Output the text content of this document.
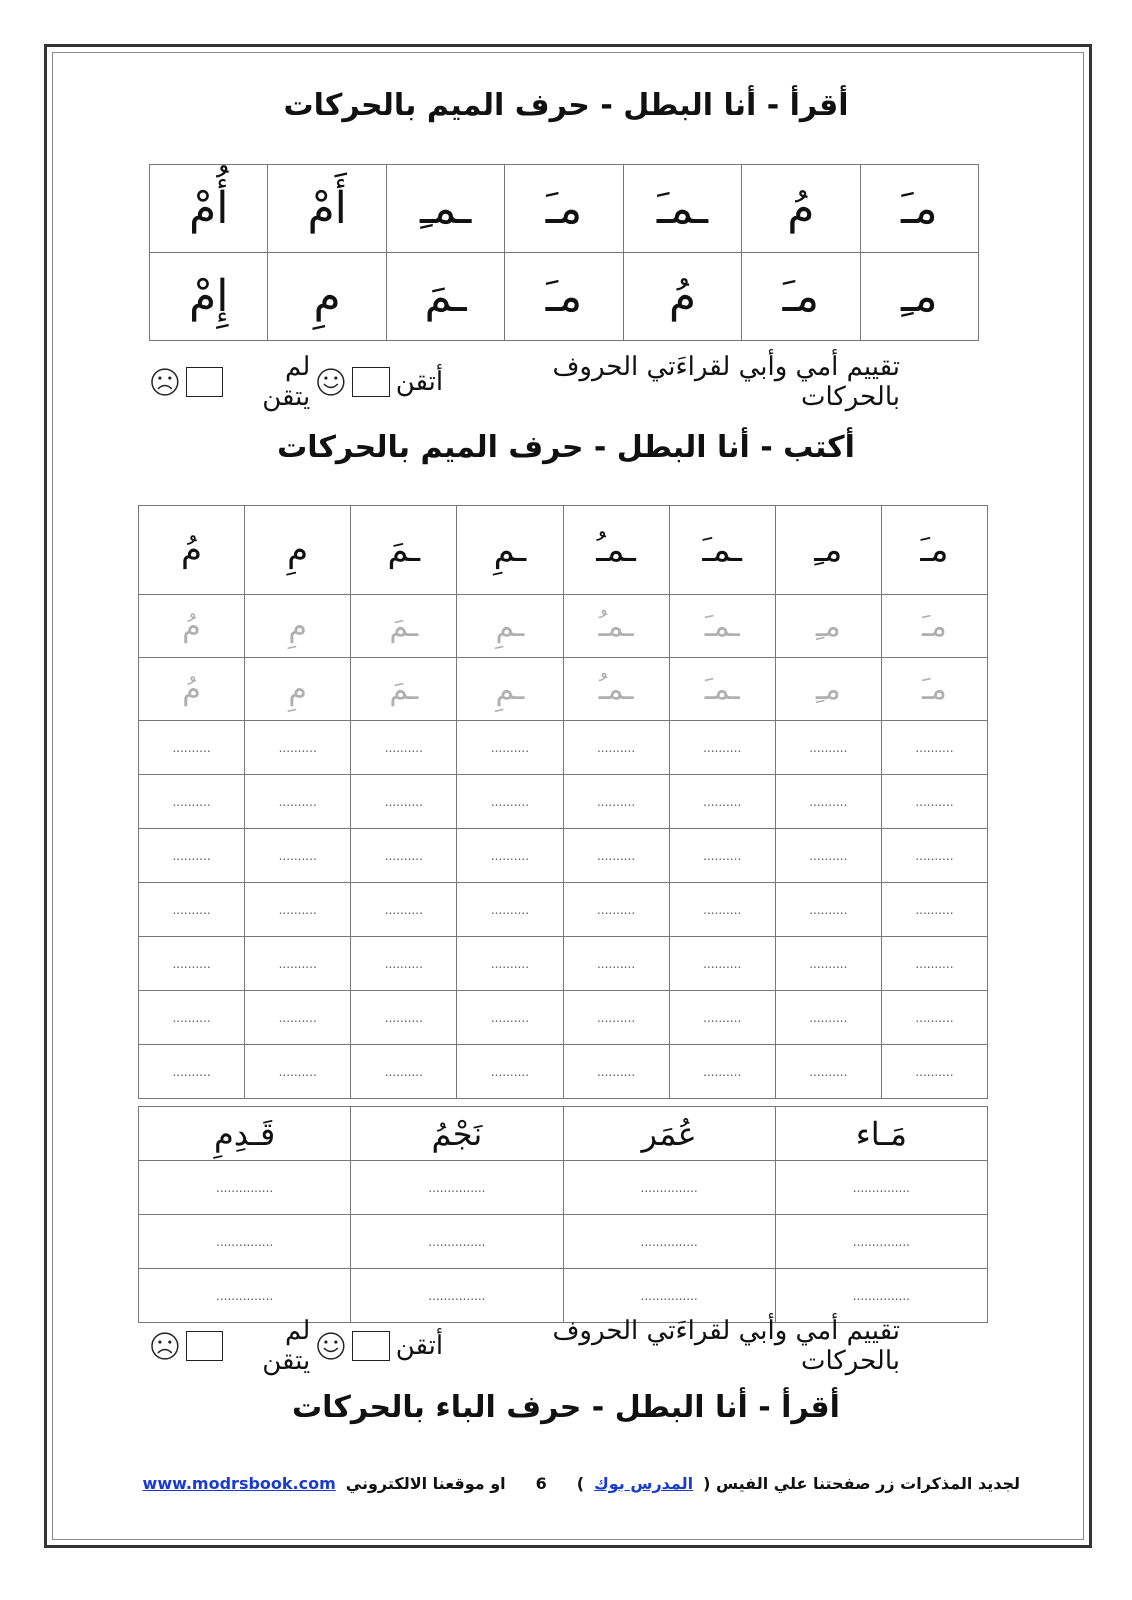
أقرأ - أنا البطل - حرف الميم بالحركات
مـَ	مُ	ـمـَ	مـَ	ـمـِ	أَمْ	أُمْ
مـِ	مـَ	مُ	مـَ	ـمَ	مِ	إِمْ
تقييم أمي وأبي لقراءَتي الحروف بالحركات
أتقن
لم يتقن
أكتب - أنا البطل - حرف الميم بالحركات
مـَ	مـِ	ـمـَ	ـمـُ	ـمِ	ـمَ	مِ	مُ
مـَ	مـِ	ـمـَ	ـمـُ	ـمِ	ـمَ	مِ	مُ
مـَ	مـِ	ـمـَ	ـمـُ	ـمِ	ـمَ	مِ	مُ
..........	..........	..........	..........	..........	..........	..........	..........
..........	..........	..........	..........	..........	..........	..........	..........
..........	..........	..........	..........	..........	..........	..........	..........
..........	..........	..........	..........	..........	..........	..........	..........
..........	..........	..........	..........	..........	..........	..........	..........
..........	..........	..........	..........	..........	..........	..........	..........
..........	..........	..........	..........	..........	..........	..........	..........
مَـاء	عُمَر	نَجْمُ	قَـدِمِ
...............	...............	...............	...............
...............	...............	...............	...............
...............	...............	...............	...............
تقييم أمي وأبي لقراءَتي الحروف بالحركات
أتقن
لم يتقن
أقرأ - أنا البطل - حرف الباء بالحركات
لجديد المذكرات زر صفحتنا علي الفيس (
المدرس بوك
)
6
او موقعنا الالكتروني
www.modrsbook.com
